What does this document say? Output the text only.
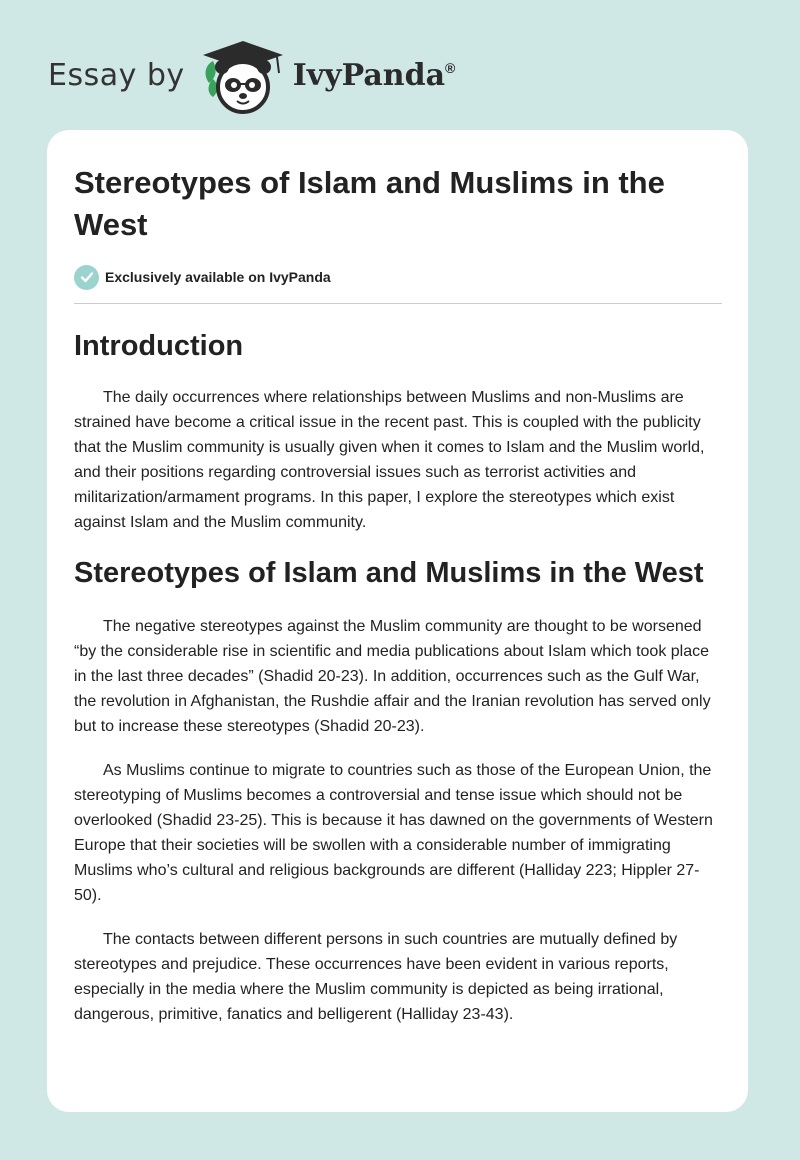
Essay by	IvyPanda®
Stereotypes of Islam and Muslims in the West
Exclusively available on IvyPanda
Introduction

The daily occurrences where relationships between Muslims and non-Muslims are strained have become a critical issue in the recent past. This is coupled with the publicity that the Muslim community is usually given when it comes to Islam and the Muslim world, and their positions regarding controversial issues such as terrorist activities and militarization/armament programs. In this paper, I explore the stereotypes which exist against Islam and the Muslim community.

Stereotypes of Islam and Muslims in the West

The negative stereotypes against the Muslim community are thought to be worsened “by the considerable rise in scientific and media publications about Islam which took place in the last three decades” (Shadid 20-23). In addition, occurrences such as the Gulf War, the revolution in Afghanistan, the Rushdie affair and the Iranian revolution has served only but to increase these stereotypes (Shadid 20-23).

As Muslims continue to migrate to countries such as those of the European Union, the stereotyping of Muslims becomes a controversial and tense issue which should not be overlooked (Shadid 23-25). This is because it has dawned on the governments of Western Europe that their societies will be swollen with a considerable number of immigrating Muslims who’s cultural and religious backgrounds are different (Halliday 223; Hippler 27-50).

The contacts between different persons in such countries are mutually defined by stereotypes and prejudice. These occurrences have been evident in various reports, especially in the media where the Muslim community is depicted as being irrational, dangerous, primitive, fanatics and belligerent (Halliday 23-43).
